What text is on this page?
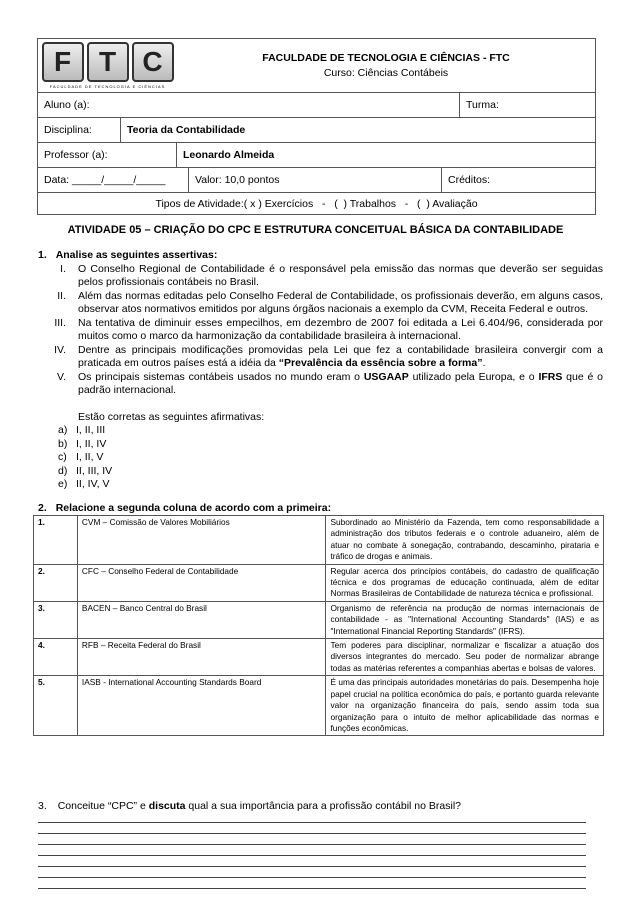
F T C
FACULDADE DE TECNOLOGIA E CIÊNCIAS
FACULDADE DE TECNOLOGIA E CIÊNCIAS - FTC
Curso: Ciências Contábeis
Aluno (a):	Turma:
Disciplina:	Teoria da Contabilidade
Professor (a):	Leonardo Almeida
Data: _____/_____/_____	Valor: 10,0 pontos	Créditos:
Tipos de Atividade:( x ) Exercícios   -   (  ) Trabalhos   -   (  ) Avaliação
ATIVIDADE 05 – CRIAÇÃO DO CPC E ESTRUTURA CONCEITUAL BÁSICA DA CONTABILIDADE
1. Analise as seguintes assertivas:
I. O Conselho Regional de Contabilidade é o responsável pela emissão das normas que deverão ser seguidas pelos profissionais contábeis no Brasil.
II. Além das normas editadas pelo Conselho Federal de Contabilidade, os profissionais deverão, em alguns casos, observar atos normativos emitidos por alguns órgãos nacionais a exemplo da CVM, Receita Federal e outros.
III. Na tentativa de diminuir esses empecilhos, em dezembro de 2007 foi editada a Lei 6.404/96, considerada por muitos como o marco da harmonização da contabilidade brasileira à internacional.
IV. Dentre as principais modificações promovidas pela Lei que fez a contabilidade brasileira convergir com a praticada em outros países está a idéia da “Prevalência da essência sobre a forma”.
V. Os principais sistemas contábeis usados no mundo eram o USGAAP utilizado pela Europa, e o IFRS que é o padrão internacional.
Estão corretas as seguintes afirmativas:
a) I, II, III
b) I, II, IV
c) I, II, V
d) II, III, IV
e) II, IV, V
2. Relacione a segunda coluna de acordo com a primeira:
1.	CVM – Comissão de Valores Mobiliários	Subordinado ao Ministério da Fazenda, tem como responsabilidade a administração dos tributos federais e o controle aduaneiro, além de atuar no combate à sonegação, contrabando, descaminho, pirataria e tráfico de drogas e animais.
2.	CFC – Conselho Federal de Contabilidade	Regular acerca dos princípios contábeis, do cadastro de qualificação técnica e dos programas de educação continuada, além de editar Normas Brasileiras de Contabilidade de natureza técnica e profissional.
3.	BACEN – Banco Central do Brasil	Organismo de referência na produção de normas internacionais de contabilidade - as "International Accounting Standards" (IAS) e as "International Financial Reporting Standards" (IFRS).
4.	RFB – Receita Federal do Brasil	Tem poderes para disciplinar, normalizar e fiscalizar a atuação dos diversos integrantes do mercado. Seu poder de normalizar abrange todas as matérias referentes a companhias abertas e bolsas de valores.
5.	IASB - International Accounting Standards Board	É uma das principais autoridades monetárias do país. Desempenha hoje papel crucial na política econômica do país, e portanto guarda relevante valor na organização financeira do país, sendo assim toda sua organização para o intuito de melhor aplicabilidade das normas e funções econômicas.
3. Conceitue “CPC” e discuta qual a sua importância para a profissão contábil no Brasil?
